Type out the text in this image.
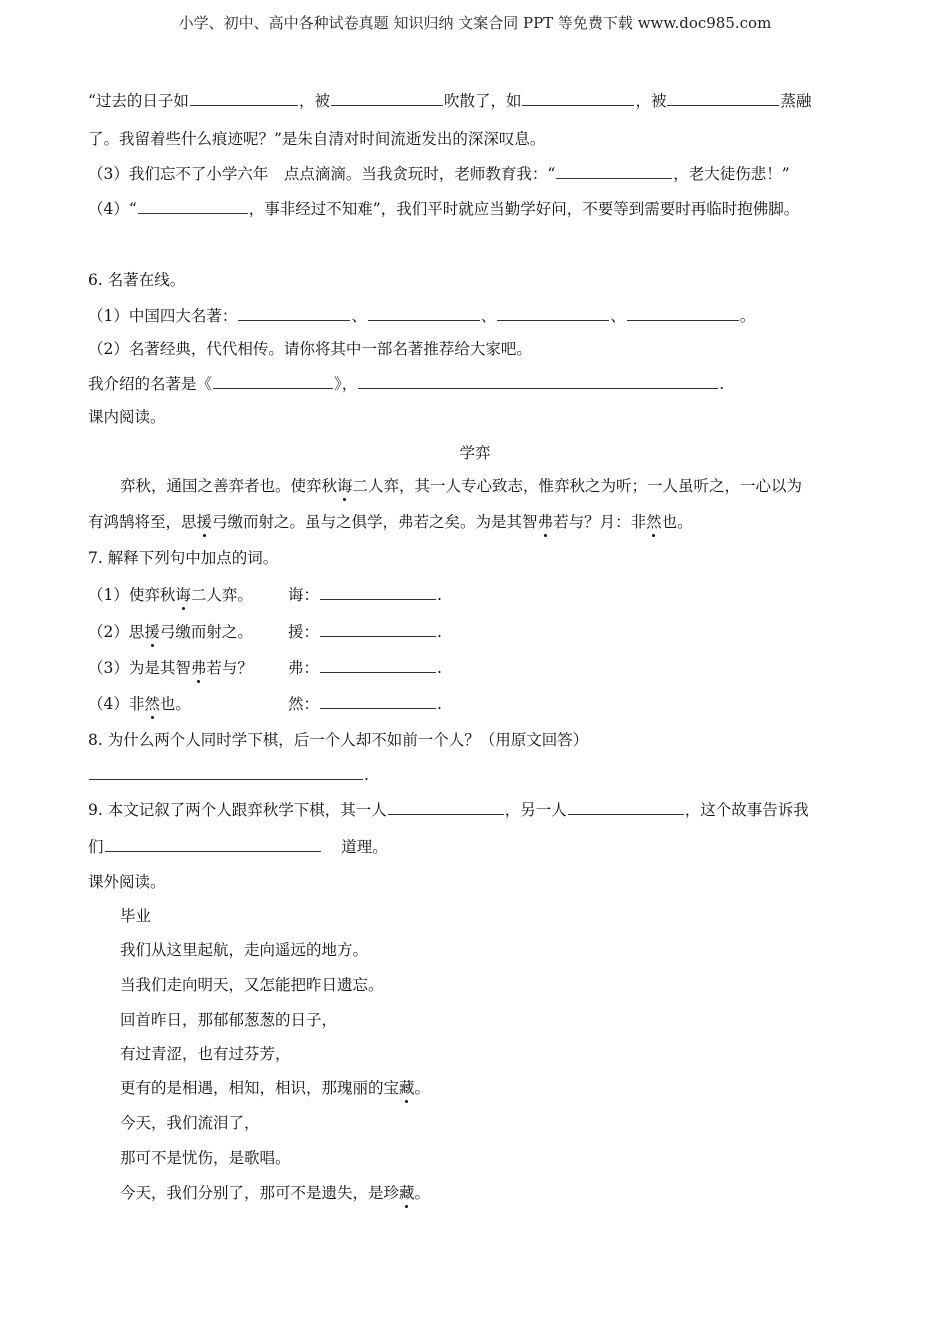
小学、初中、高中各种试卷真题 知识归纳 文案合同 PPT 等免费下载 www.doc985.com
“过去的日子如	，被	吹散了，如	，被	蒸融
了。我留着些什么痕迹呢？”是朱自清对时间流逝发出的深深叹息。
（3）我们忘不了小学六年　点点滴滴。当我贪玩时，老师教育我：“	，老大徒伤悲！”
（4）“	，事非经过不知难”，我们平时就应当勤学好问，不要等到需要时再临时抱佛脚。
6. 名著在线。
（1）中国四大名著：	、	、	、	。
（2）名著经典，代代相传。请你将其中一部名著推荐给大家吧。
我介绍的名著是《	》，	.
课内阅读。
学弈
弈秋，通国之善弈者也。使弈秋诲二人弈，其一人专心致志，惟弈秋之为听；一人虽听之，一心以为
有鸿鹄将至，思援弓缴而射之。虽与之俱学，弗若之矣。为是其智弗若与？月：非然也。
7. 解释下列句中加点的词。
（1）使弈秋诲二人弈。 诲：	.
（2）思援弓缴而射之。 援：	.
（3）为是其智弗若与？ 弗：	.
（4）非然也。	然：	.
8. 为什么两个人同时学下棋，后一个人却不如前一个人？（用原文回答）
.
9. 本文记叙了两个人跟弈秋学下棋，其一人	，另一人	，这个故事告诉我
们	道理。
课外阅读。
毕业
我们从这里起航，走向遥远的地方。
当我们走向明天，又怎能把昨日遗忘。
回首昨日，那郁郁葱葱的日子，
有过青涩，也有过芬芳，
更有的是相遇，相知，相识，那瑰丽的宝藏。
今天，我们流泪了，
那可不是忧伤，是歌唱。
今天，我们分别了，那可不是遗失，是珍藏。
